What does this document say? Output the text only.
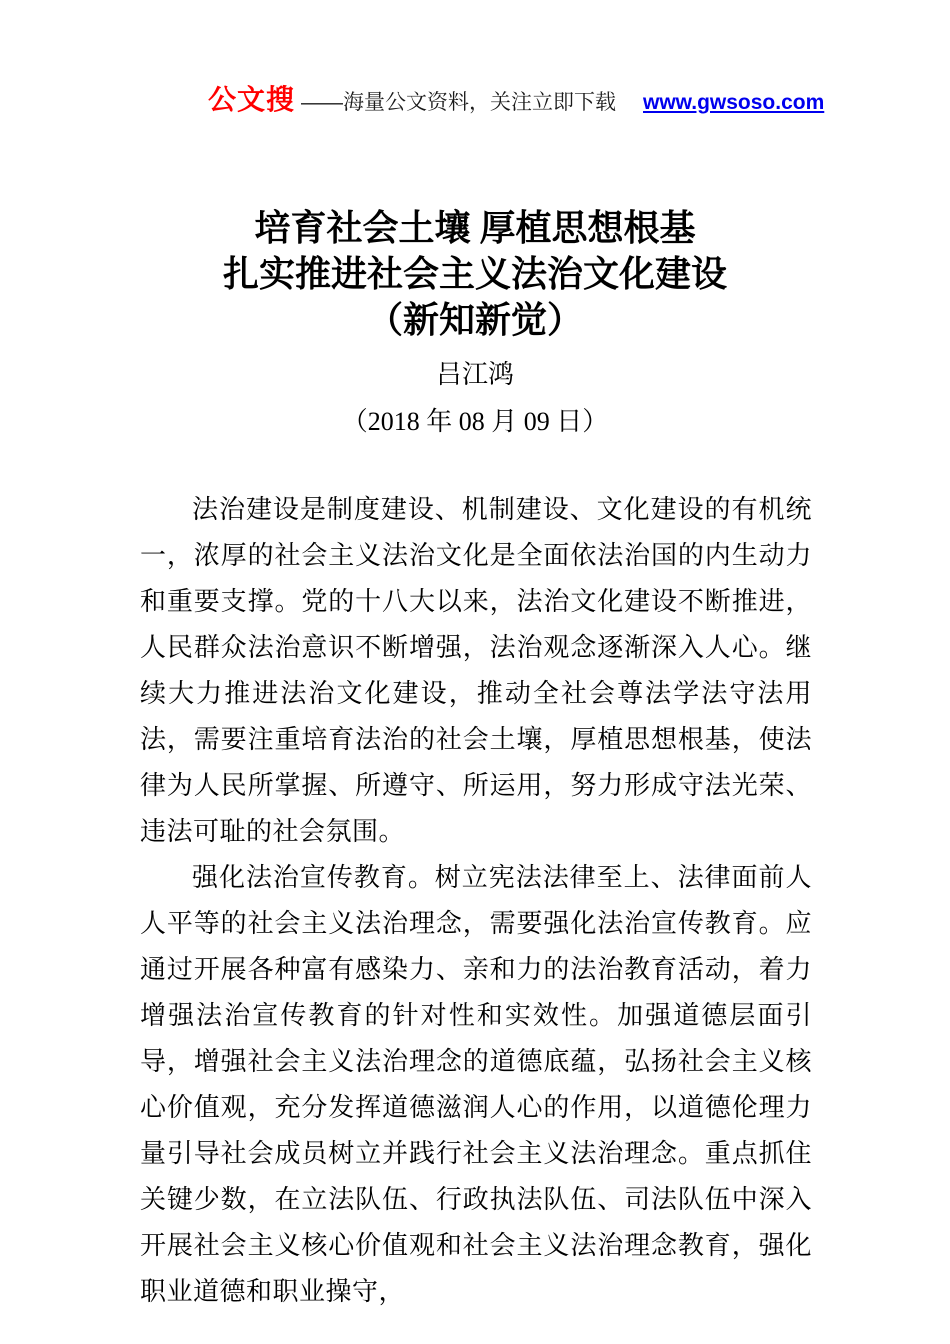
公文搜 ——海量公文资料，关注立即下载 www.gwsoso.com
培育社会土壤 厚植思想根基
扎实推进社会主义法治文化建设
（新知新觉）
吕江鸿
（2018 年 08 月 09 日）

法治建设是制度建设、机制建设、文化建设的有机统一，浓厚的社会主义法治文化是全面依法治国的内生动力和重要支撑。党的十八大以来，法治文化建设不断推进，人民群众法治意识不断增强，法治观念逐渐深入人心。继续大力推进法治文化建设，推动全社会尊法学法守法用法，需要注重培育法治的社会土壤，厚植思想根基，使法律为人民所掌握、所遵守、所运用，努力形成守法光荣、违法可耻的社会氛围。

强化法治宣传教育。树立宪法法律至上、法律面前人人平等的社会主义法治理念，需要强化法治宣传教育。应通过开展各种富有感染力、亲和力的法治教育活动，着力增强法治宣传教育的针对性和实效性。加强道德层面引导，增强社会主义法治理念的道德底蕴，弘扬社会主义核心价值观，充分发挥道德滋润人心的作用，以道德伦理力量引导社会成员树立并践行社会主义法治理念。重点抓住关键少数，在立法队伍、行政执法队伍、司法队伍中深入开展社会主义核心价值观和社会主义法治理念教育，强化职业道德和职业操守，
